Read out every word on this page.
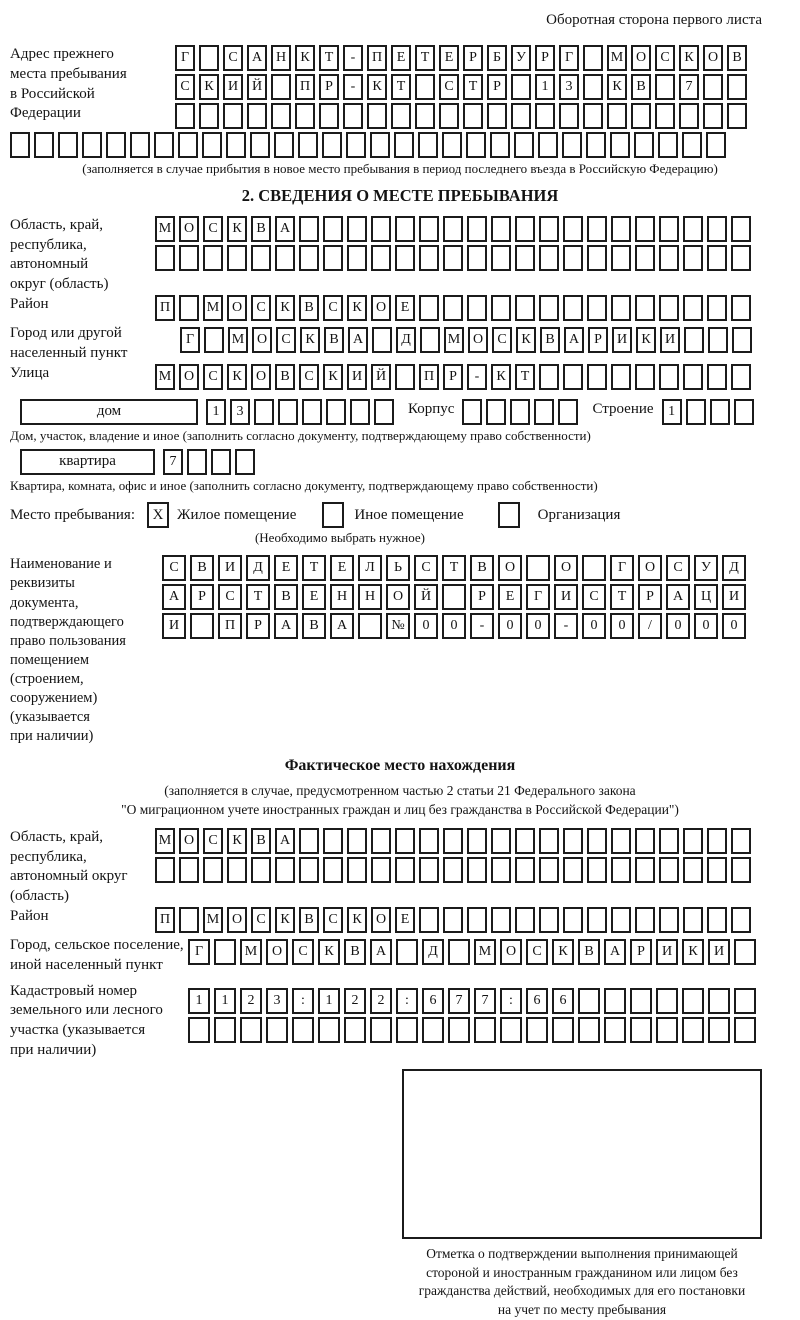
Оборотная сторона первого листа
Адрес прежнего
места пребывания
в Российской
Федерации
Г	С	А Н	К	Т	-	П	Е	Т	Е	Р	Б	У	Р	Г	М О	С	К	О	В
С	К	И Й	П	Р	-	К	Т	С	Т	Р	1	3	К	В	7
(заполняется в случае прибытия в новое место пребывания в период последнего въезда в Российскую Федерацию)
2. СВЕДЕНИЯ О МЕСТЕ ПРЕБЫВАНИЯ
Область, край,
республика,
автономный
округ (область)
М О	С	К	В	А
Район	П	М О	С	К	В	С	К	О	Е
Город или другой
населенный пункт
Г	М О	С	К	В	А	Д	М О	С	К	В	А	Р	И	К	И
Улица	М О	С	К	О	В	С	К	И Й	П	Р	-	К	Т
дом	1	3	Корпус	Строение	1
Дом, участок, владение и иное (заполнить согласно документу, подтверждающему право собственности)
квартира	7
Квартира, комната, офис и иное (заполнить согласно документу, подтверждающему право собственности)
Место пребывания:	X Жилое помещение	Иное помещение	Организация
(Необходимо выбрать нужное)
Наименование и реквизиты
документа, подтверждающего
право пользования
помещением (строением,
сооружением) (указывается
при наличии)
С	В	И	Д	Е	Т	Е	Л	Ь	С	Т	В	О	О	Г	О	С	У	Д
А	Р	С	Т	В	Е	Н	Н	О	Й	Р	Е	Г	И	С	Т	Р	А	Ц	И
И	П	Р	А	В	А	№	0	0	-	0	0	-	0	0	/	0	0	0
Фактическое место нахождения
(заполняется в случае, предусмотренном частью 2 статьи 21 Федерального закона
"О миграционном учете иностранных граждан и лиц без гражданства в Российской Федерации")
Область, край,
республика,
автономный округ
(область)
М О	С	К	В	А
Район	П	М О	С	К	В	С	К	О	Е
Город, сельское поселение,
иной населенный пункт
Г	М	О	С	К	В	А	Д	М	О	С	К	В	А	Р	И	К	И
Кадастровый номер
земельного или лесного
участка (указывается
при наличии)
1	1	2	3	:	1	2	2	:	6	7	7	:	6	6
Отметка о подтверждении выполнения принимающей
стороной и иностранным гражданином или лицом без
гражданства действий, необходимых для его постановки
на учет по месту пребывания
